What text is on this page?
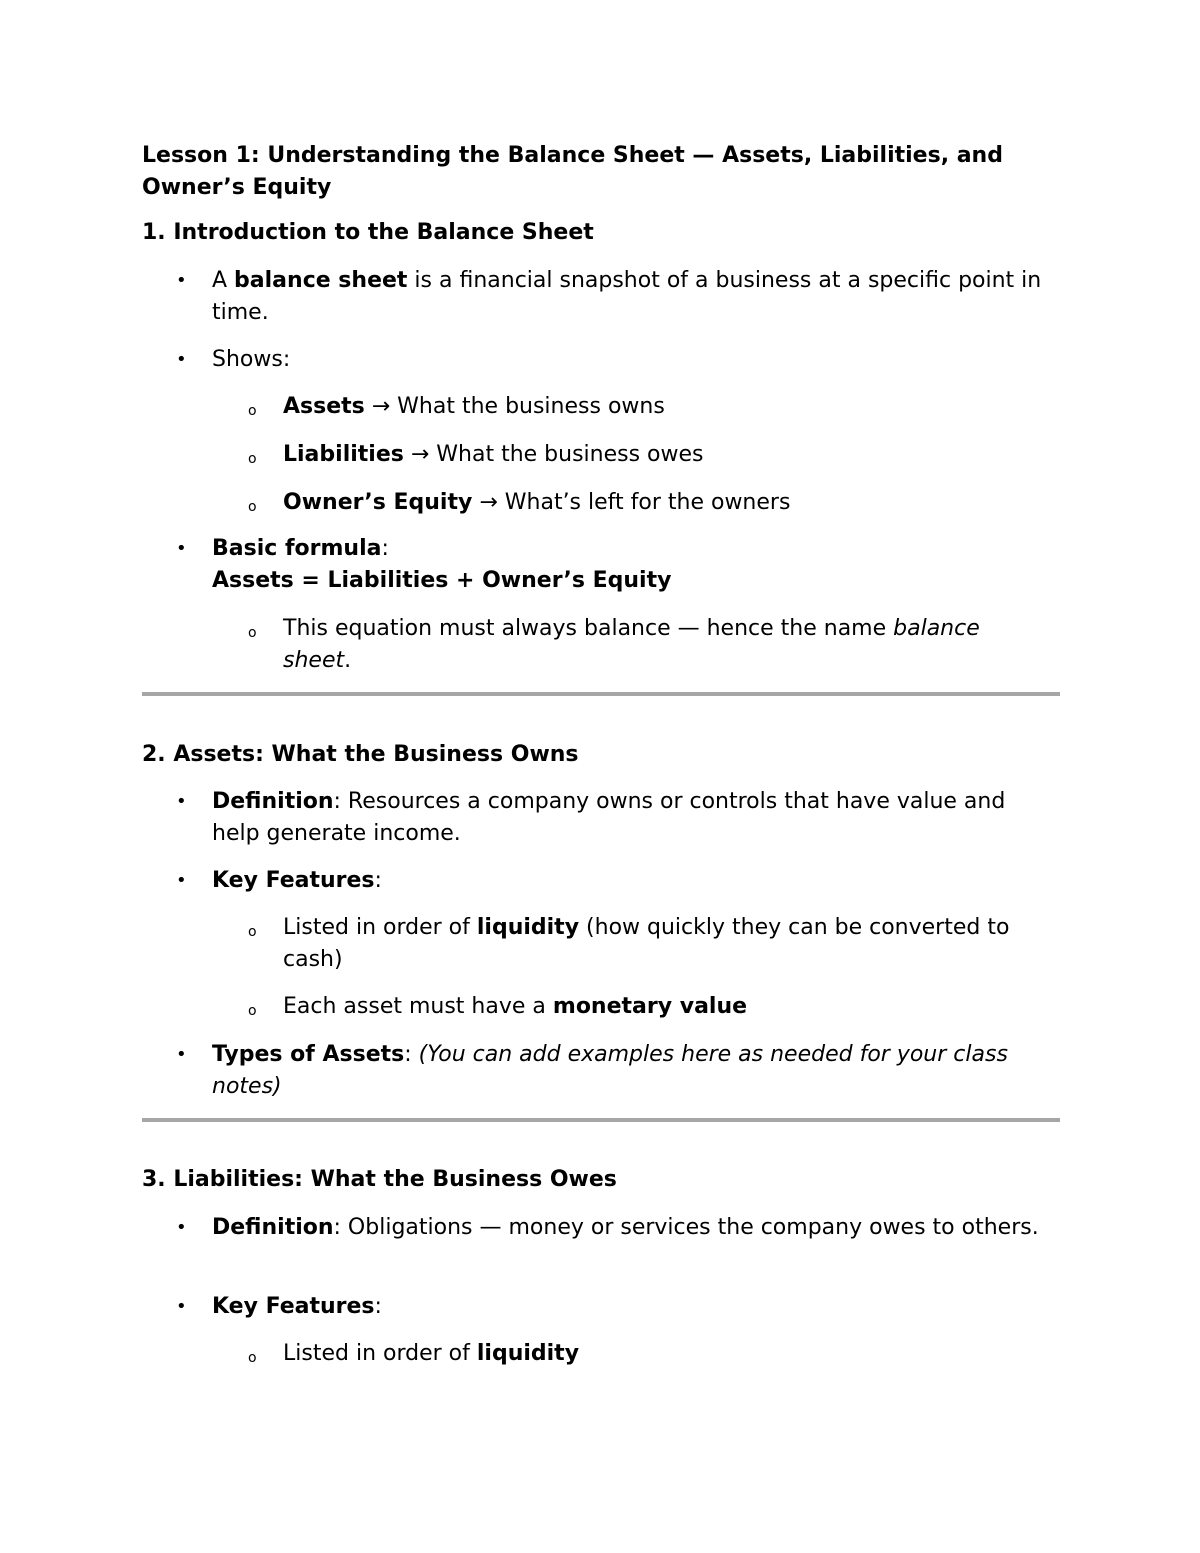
Lesson 1: Understanding the Balance Sheet — Assets, Liabilities, and Owner’s Equity
1. Introduction to the Balance Sheet
• A balance sheet is a financial snapshot of a business at a specific point in time.

• Shows:

o Assets → What the business owns

o Liabilities → What the business owes

o Owner’s Equity → What’s left for the owners

• Basic formula:
Assets = Liabilities + Owner’s Equity

o This equation must always balance — hence the name balance sheet.

2. Assets: What the Business Owns
• Definition: Resources a company owns or controls that have value and help generate income.

• Key Features:

o Listed in order of liquidity (how quickly they can be converted to cash)

o Each asset must have a monetary value

• Types of Assets: (You can add examples here as needed for your class notes)

3. Liabilities: What the Business Owes
• Definition: Obligations — money or services the company owes to others.

• Key Features:

o Listed in order of liquidity
